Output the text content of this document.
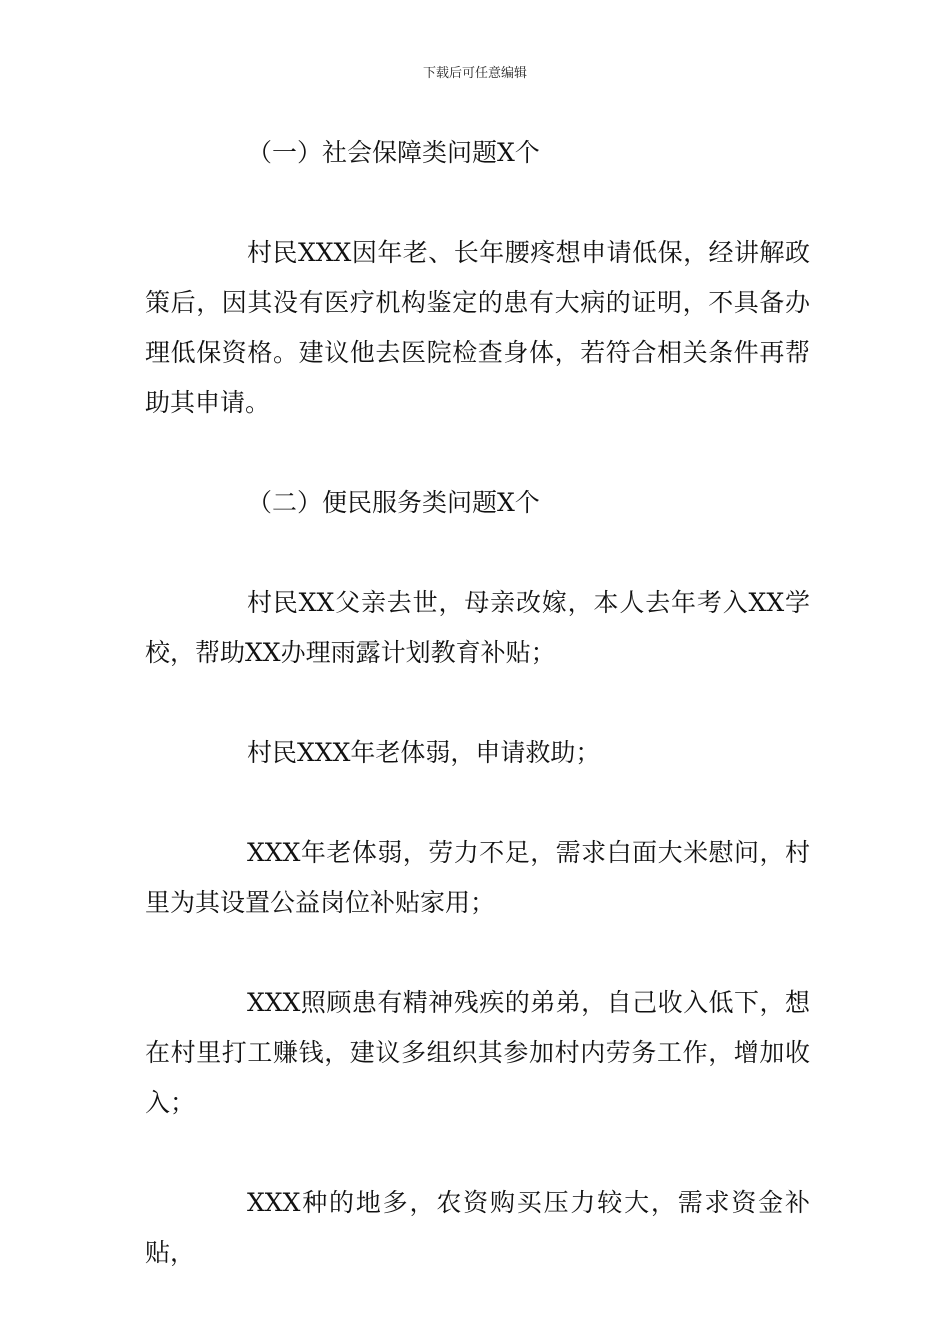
下载后可任意编辑

（一）社会保障类问题X个

村民XXX因年老、长年腰疼想申请低保，经讲解政策后，因其没有医疗机构鉴定的患有大病的证明，不具备办理低保资格。建议他去医院检查身体，若符合相关条件再帮助其申请。

（二）便民服务类问题X个

村民XX父亲去世，母亲改嫁，本人去年考入XX学校，帮助XX办理雨露计划教育补贴；

村民XXX年老体弱，申请救助；

XXX年老体弱，劳力不足，需求白面大米慰问，村里为其设置公益岗位补贴家用；

XXX照顾患有精神残疾的弟弟，自己收入低下，想在村里打工赚钱，建议多组织其参加村内劳务工作，增加收入；

XXX种的地多，农资购买压力较大，需求资金补贴，
